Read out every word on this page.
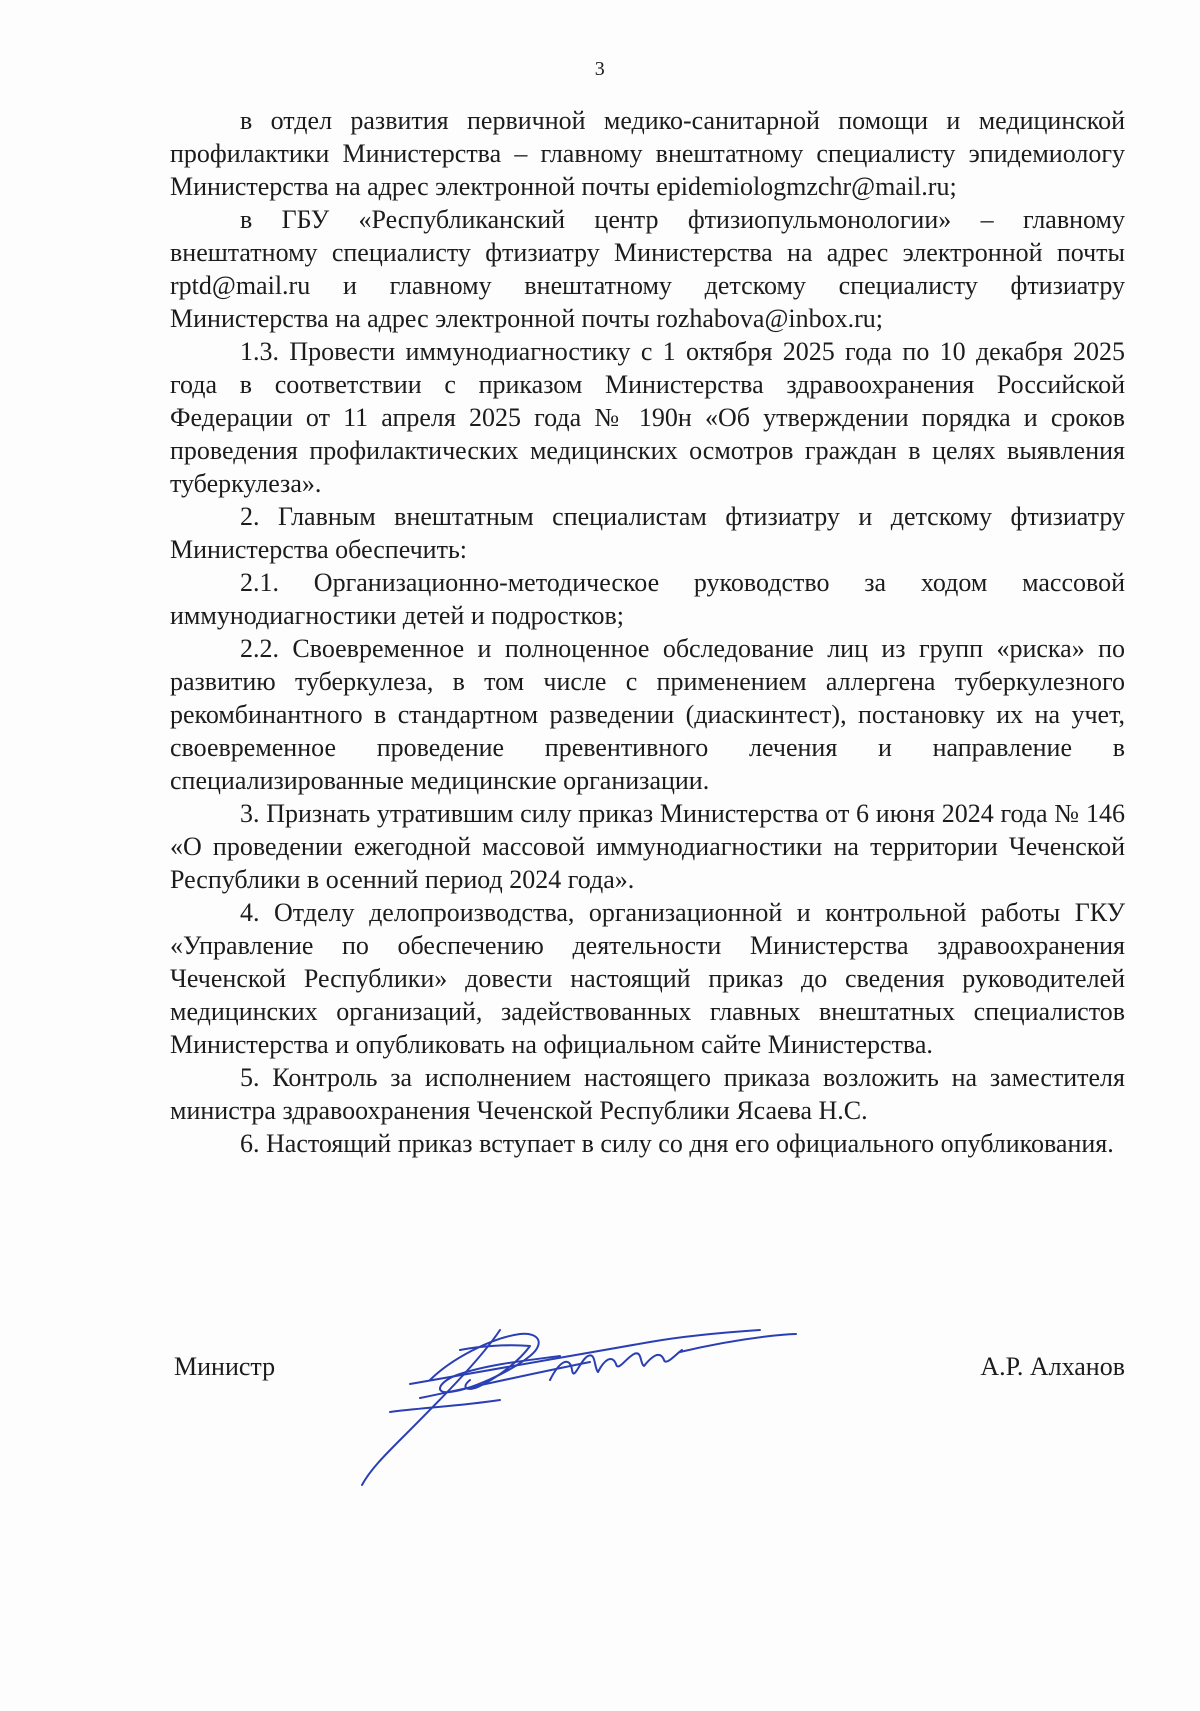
3

в отдел развития первичной медико-санитарной помощи и медицинской профилактики Министерства – главному внештатному специалисту эпидемиологу Министерства на адрес электронной почты epidemiologmzchr@mail.ru;

в ГБУ «Республиканский центр фтизиопульмонологии» – главному внештатному специалисту фтизиатру Министерства на адрес электронной почты rptd@mail.ru и главному внештатному детскому специалисту фтизиатру Министерства на адрес электронной почты rozhabova@inbox.ru;

1.3. Провести иммунодиагностику с 1 октября 2025 года по 10 декабря 2025 года в соответствии с приказом Министерства здравоохранения Российской Федерации от 11 апреля 2025 года № 190н «Об утверждении порядка и сроков проведения профилактических медицинских осмотров граждан в целях выявления туберкулеза».

2. Главным внештатным специалистам фтизиатру и детскому фтизиатру Министерства обеспечить:

2.1. Организационно-методическое руководство за ходом массовой иммунодиагностики детей и подростков;

2.2. Своевременное и полноценное обследование лиц из групп «риска» по развитию туберкулеза, в том числе с применением аллергена туберкулезного рекомбинантного в стандартном разведении (диаскинтест), постановку их на учет, своевременное проведение превентивного лечения и направление в специализированные медицинские организации.

3. Признать утратившим силу приказ Министерства от 6 июня 2024 года № 146 «О проведении ежегодной массовой иммунодиагностики на территории Чеченской Республики в осенний период 2024 года».

4. Отделу делопроизводства, организационной и контрольной работы ГКУ «Управление по обеспечению деятельности Министерства здравоохранения Чеченской Республики» довести настоящий приказ до сведения руководителей медицинских организаций, задействованных главных внештатных специалистов Министерства и опубликовать на официальном сайте Министерства.

5. Контроль за исполнением настоящего приказа возложить на заместителя министра здравоохранения Чеченской Республики Ясаева Н.С.

6. Настоящий приказ вступает в силу со дня его официального опубликования.

Министр	А.Р. Алханов
